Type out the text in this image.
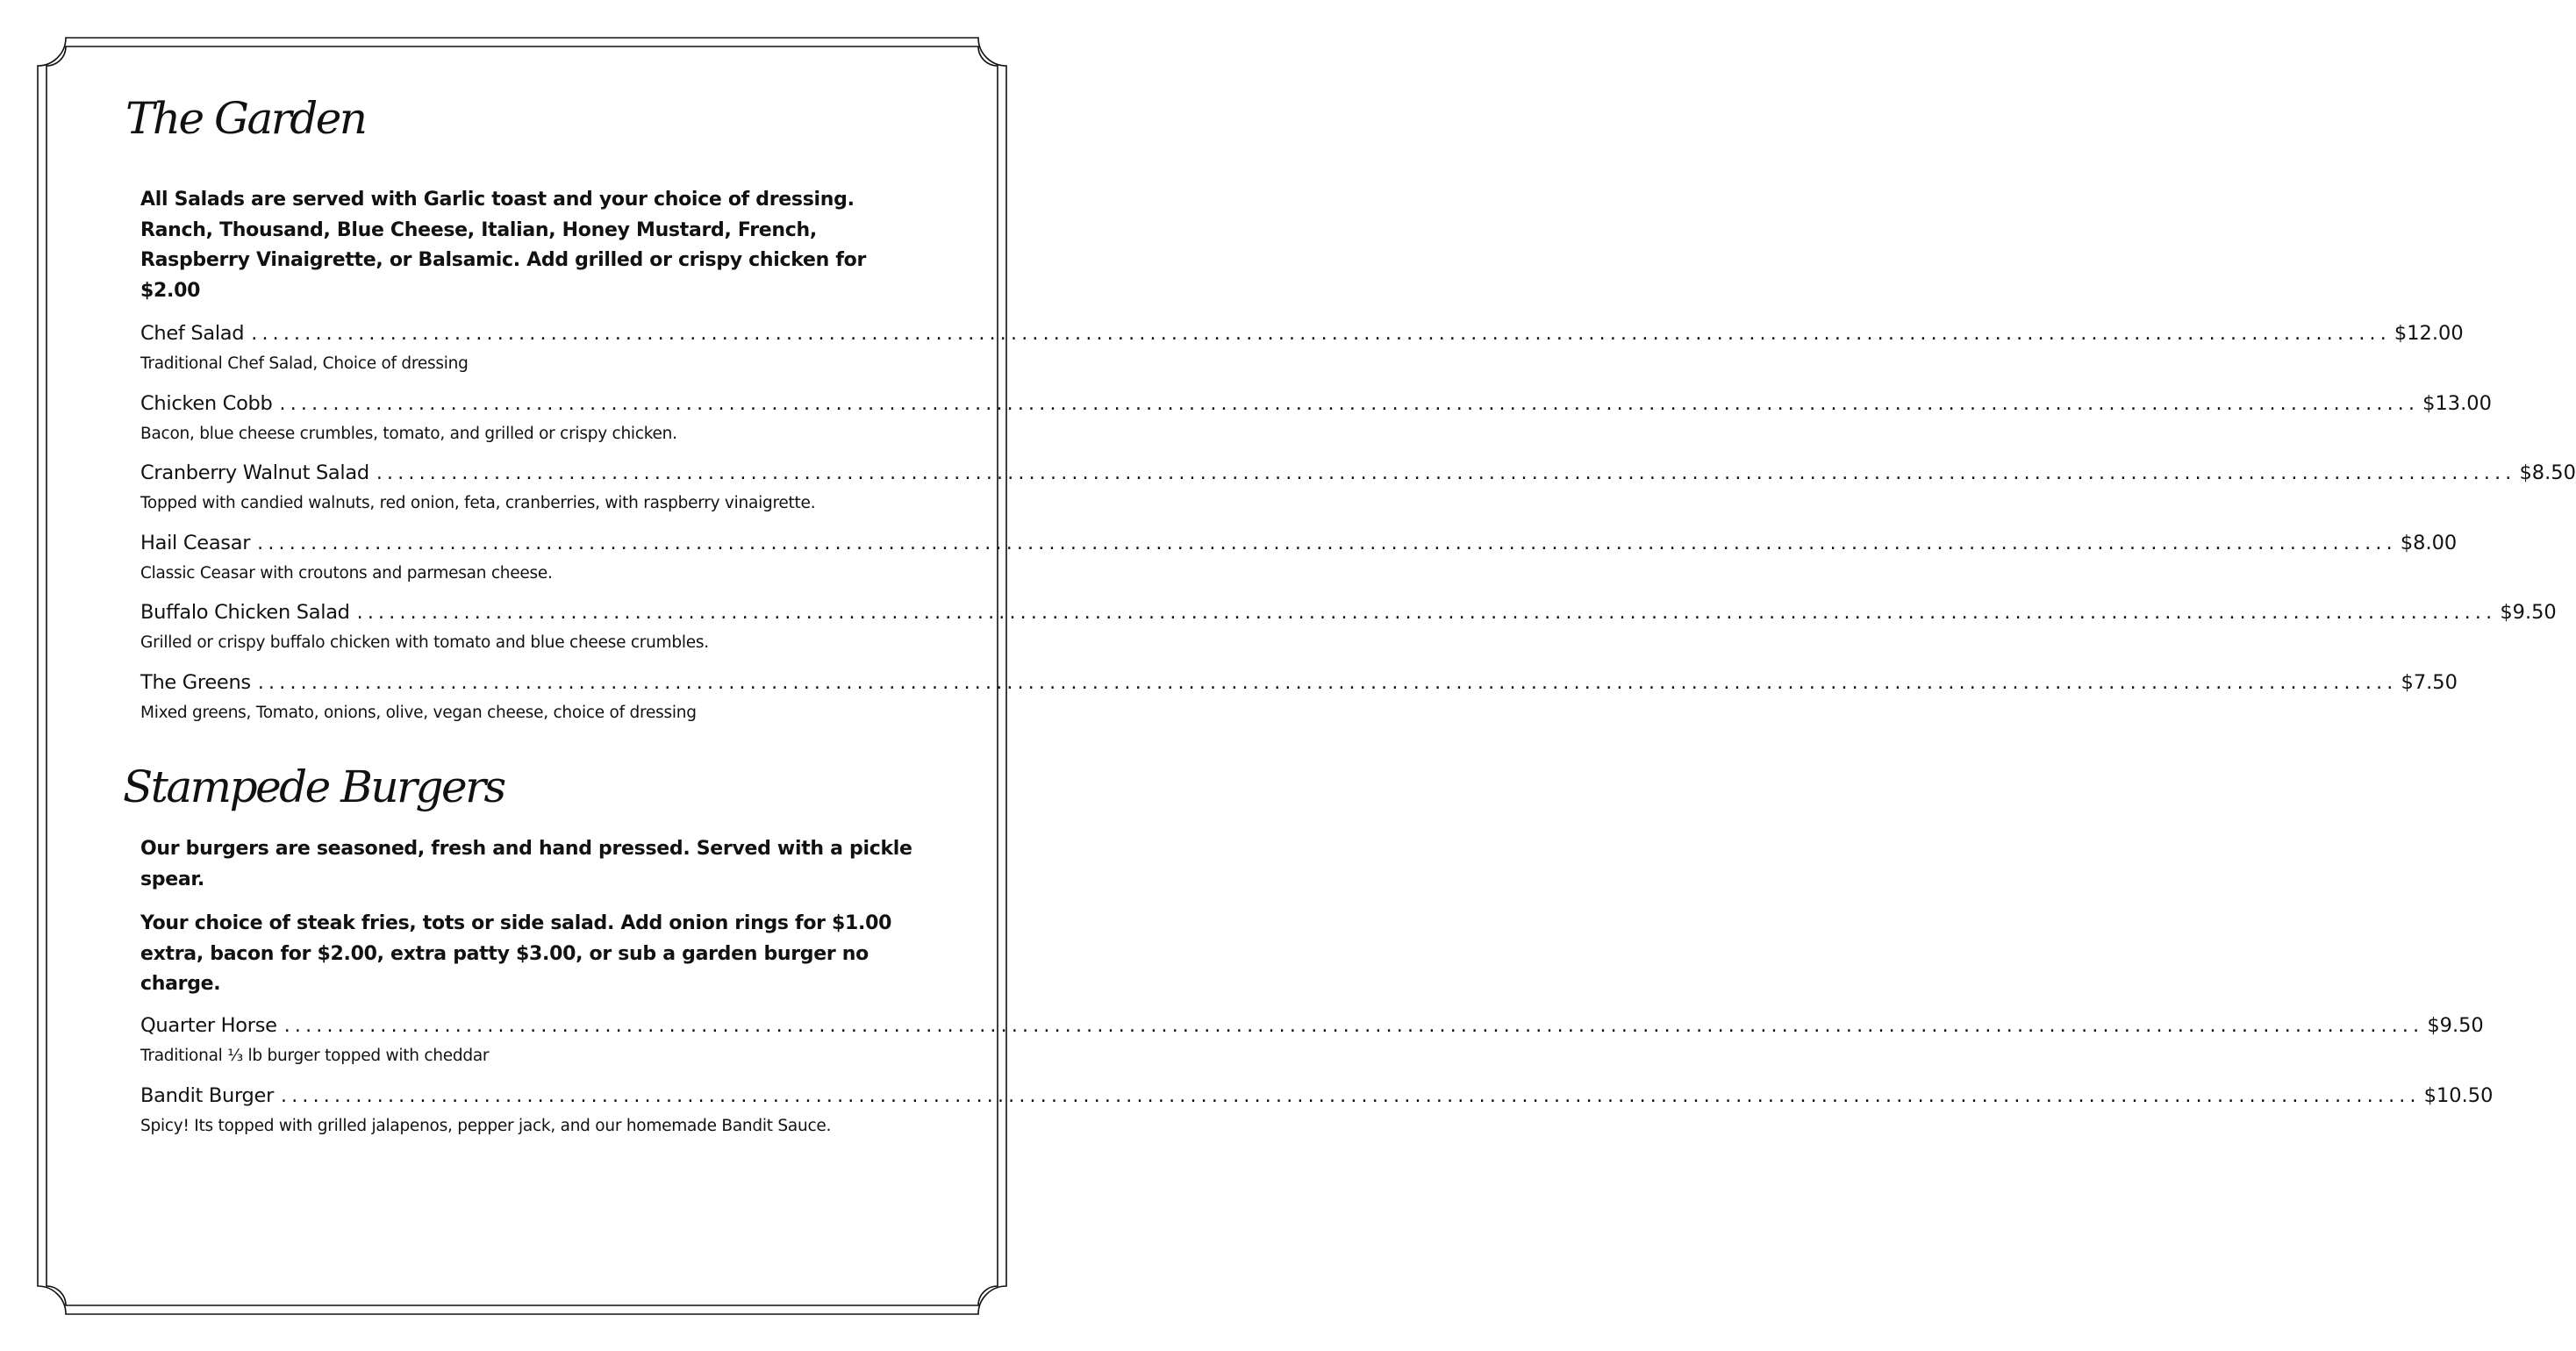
The Garden

All Salads are served with Garlic toast and your choice of dressing. Ranch, Thousand, Blue Cheese, Italian, Honey Mustard, French, Raspberry Vinaigrette, or Balsamic. Add grilled or crispy chicken for $2.00

Chef Salad ........................................................................................................................................................................................................ $12.00
Traditional Chef Salad, Choice of dressing
Chicken Cobb ........................................................................................................................................................................................................ $13.00
Bacon, blue cheese crumbles, tomato, and grilled or crispy chicken.
Cranberry Walnut Salad ........................................................................................................................................................................................................ $8.50
Topped with candied walnuts, red onion, feta, cranberries, with raspberry vinaigrette.
Hail Ceasar ........................................................................................................................................................................................................ $8.00
Classic Ceasar with croutons and parmesan cheese.
Buffalo Chicken Salad ........................................................................................................................................................................................................ $9.50
Grilled or crispy buffalo chicken with tomato and blue cheese crumbles.
The Greens ........................................................................................................................................................................................................ $7.50
Mixed greens, Tomato, onions, olive, vegan cheese, choice of dressing
Stampede Burgers

Our burgers are seasoned, fresh and hand pressed. Served with a pickle spear.

Your choice of steak fries, tots or side salad. Add onion rings for $1.00 extra, bacon for $2.00, extra patty $3.00, or sub a garden burger no charge.

Quarter Horse ........................................................................................................................................................................................................ $9.50
Traditional ⅓ lb burger topped with cheddar
Bandit Burger ........................................................................................................................................................................................................ $10.50
Spicy! Its topped with grilled jalapenos, pepper jack, and our homemade Bandit Sauce.
